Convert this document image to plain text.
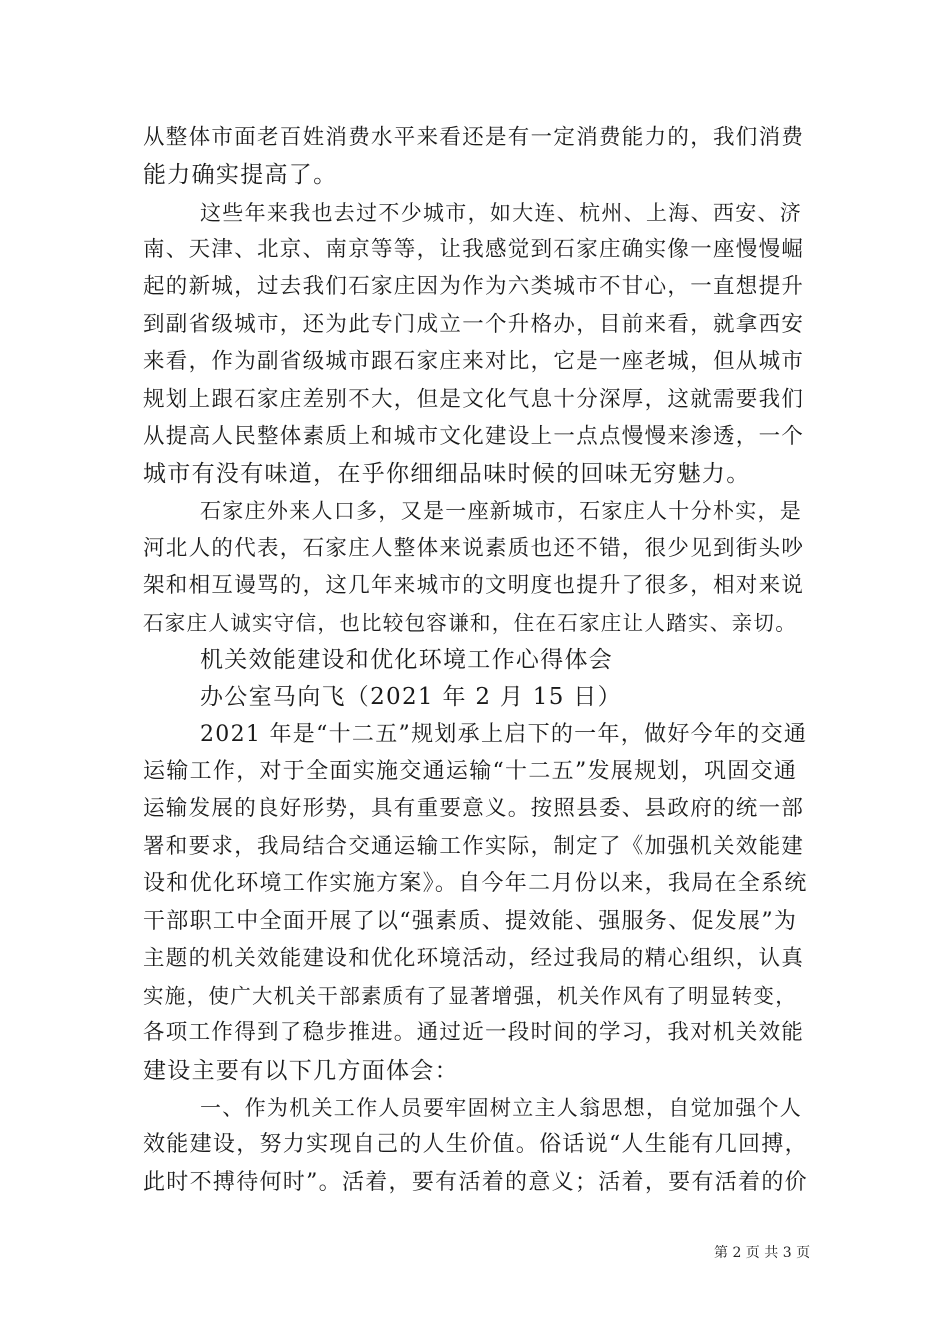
从整体市面老百姓消费水平来看还是有一定消费能力的，我们消费
能力确实提高了。
这些年来我也去过不少城市，如大连、杭州、上海、西安、济
南、天津、北京、南京等等，让我感觉到石家庄确实像一座慢慢崛
起的新城，过去我们石家庄因为作为六类城市不甘心，一直想提升
到副省级城市，还为此专门成立一个升格办，目前来看，就拿西安
来看，作为副省级城市跟石家庄来对比，它是一座老城，但从城市
规划上跟石家庄差别不大，但是文化气息十分深厚，这就需要我们
从提高人民整体素质上和城市文化建设上一点点慢慢来渗透，一个
城市有没有味道，在乎你细细品味时候的回味无穷魅力。
石家庄外来人口多，又是一座新城市，石家庄人十分朴实，是
河北人的代表，石家庄人整体来说素质也还不错，很少见到街头吵
架和相互谩骂的，这几年来城市的文明度也提升了很多，相对来说
石家庄人诚实守信，也比较包容谦和，住在石家庄让人踏实、亲切。
机关效能建设和优化环境工作心得体会
办公室马向飞（2021 年 2 月 15 日）
2021 年是“十二五”规划承上启下的一年，做好今年的交通
运输工作，对于全面实施交通运输“十二五”发展规划，巩固交通
运输发展的良好形势，具有重要意义。按照县委、县政府的统一部
署和要求，我局结合交通运输工作实际，制定了《加强机关效能建
设和优化环境工作实施方案》。自今年二月份以来，我局在全系统
干部职工中全面开展了以“强素质、提效能、强服务、促发展”为
主题的机关效能建设和优化环境活动，经过我局的精心组织，认真
实施，使广大机关干部素质有了显著增强，机关作风有了明显转变，
各项工作得到了稳步推进。通过近一段时间的学习，我对机关效能
建设主要有以下几方面体会：
一、作为机关工作人员要牢固树立主人翁思想，自觉加强个人
效能建设，努力实现自己的人生价值。俗话说“人生能有几回搏，
此时不搏待何时”。活着，要有活着的意义；活着，要有活着的价
第 2 页 共 3 页
